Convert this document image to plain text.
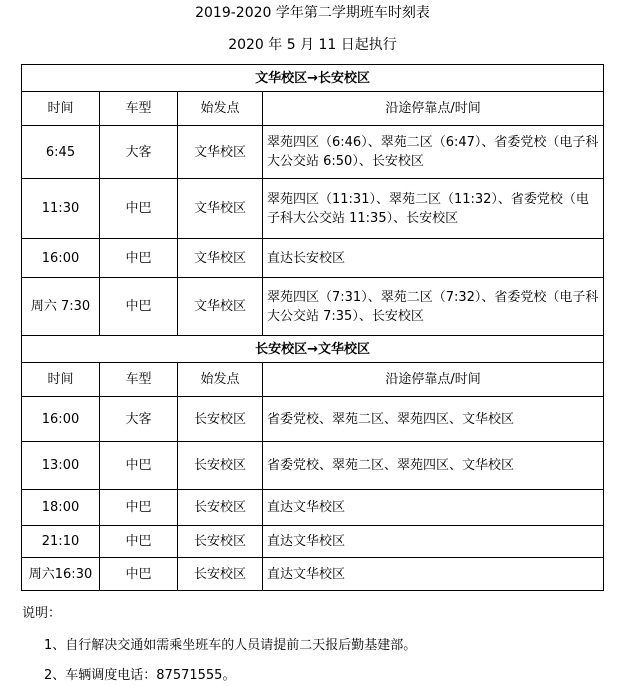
2019-2020 学年第二学期班车时刻表
2020 年 5 月 11 日起执行
文华校区→长安校区			
时间	车型	始发点	沿途停靠点/时间
6:45	大客	文华校区	翠苑四区（6:46）、翠苑二区（6:47）、省委党校（电子科大公交站 6:50）、长安校区
11:30	中巴	文华校区	翠苑四区（11:31）、翠苑二区（11:32）、省委党校（电子科大公交站 11:35）、长安校区
16:00	中巴	文华校区	直达长安校区
周六 7:30	中巴	文华校区	翠苑四区（7:31）、翠苑二区（7:32）、省委党校（电子科大公交站 7:35）、长安校区
长安校区→文华校区			
时间	车型	始发点	沿途停靠点/时间
16:00	大客	长安校区	省委党校、翠苑二区、翠苑四区、文华校区
13:00	中巴	长安校区	省委党校、翠苑二区、翠苑四区、文华校区
18:00	中巴	长安校区	直达文华校区
21:10	中巴	长安校区	直达文华校区
周六16:30	中巴	长安校区	直达文华校区
说明：
1、自行解决交通如需乘坐班车的人员请提前二天报后勤基建部。
2、车辆调度电话：87571555。
